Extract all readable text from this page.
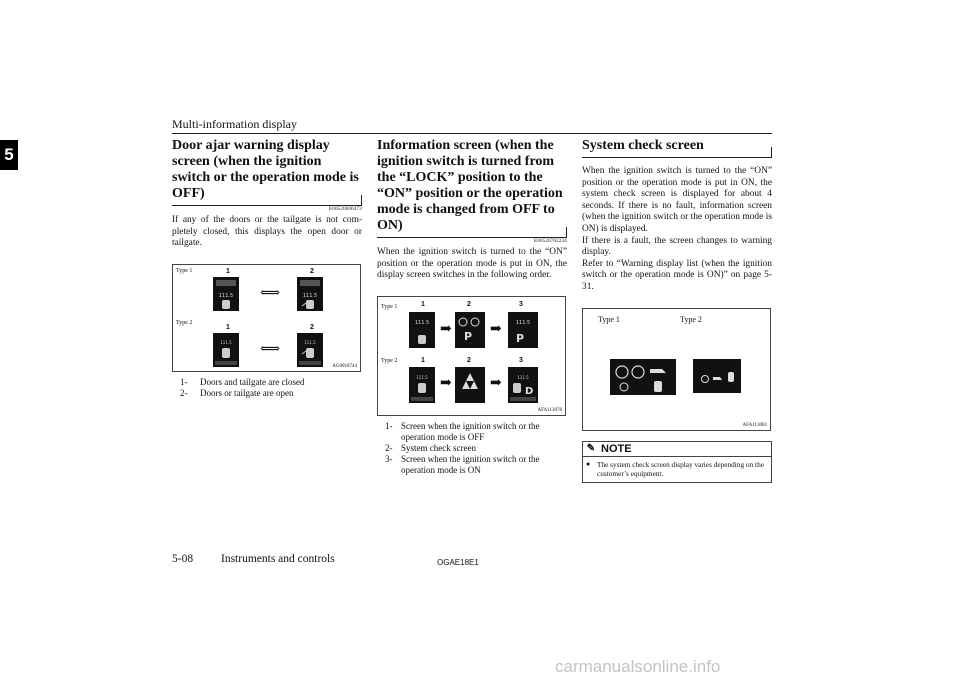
Multi-information display
5	Door ajar warning display screen (when the ignition switch or the operation mode is OFF)
E00520600473

If any of the doors or the tailgate is not completely closed, this displays the open door or tailgate.

Type 1
Type 2
1
111.5 ⟺
2
111.5
1
111.5 ⟺
2
111.5
AG0018744
1-	Doors and tailgate are closed
2-	Doors or tailgate are open
Information screen (when the ignition switch is turned from the “LOCK” position to the “ON” position or the operation mode is changed from OFF to ON)
E00520702234

When the ignition switch is turned to the “ON” position or the operation mode is put in ON, the display screen switches in the following order.

Type 1
Type 2
1
111.5 ➡
2
P ➡
3
111.5
P
1
111.5 ➡
2
➡
3
111.5
D
AFA113078
1- Screen when the ignition switch or the operation mode is OFF
2- System check screen
3- Screen when the ignition switch or the operation mode is ON
System check screen

When the ignition switch is turned to the “ON” position or the operation mode is put in ON, the system check screen is displayed for about 4 seconds. If there is no fault, information screen (when the ignition switch or the operation mode is ON) is displayed.

If there is a fault, the screen changes to warning display.

Refer to “Warning display list (when the ignition switch or the operation mode is ON)” on page 5-31.

Type 1	Type 2
AFA113083
✎ NOTE
● The system check screen display varies depending on the customer’s equipment.
5-08 Instruments and controls	OGAE18E1
carmanualsonline.info
